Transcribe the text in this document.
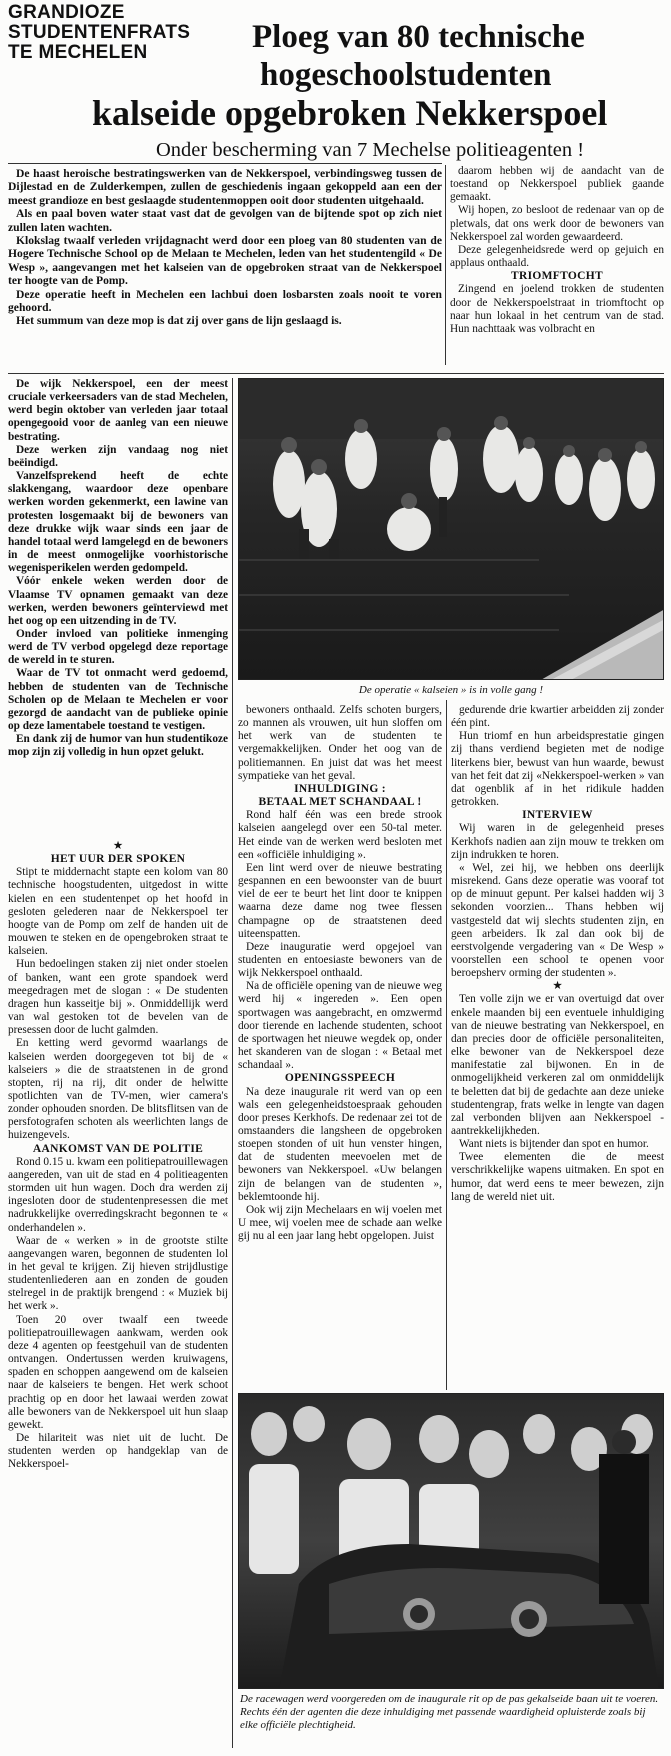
GRANDIOZE
STUDENTENFRATS
TE MECHELEN	Ploeg van 80 technische
hogeschoolstudenten
kalseide opgebroken Nekkerspoel
Onder bescherming van 7 Mechelse politieagenten !

De haast heroische bestratingswerken van de Nekkerspoel, verbindingsweg tussen de Dijlestad en de Zulderkempen, zullen de geschiedenis ingaan gekoppeld aan een der meest grandioze en best geslaagde studentenmoppen ooit door studenten uitgehaald.

Als en paal boven water staat vast dat de gevolgen van de bijtende spot op zich niet zullen laten wachten.

Klokslag twaalf verleden vrijdagnacht werd door een ploeg van 80 studenten van de Hogere Technische School op de Melaan te Mechelen, leden van het studentengild « De Wesp », aangevangen met het kalseien van de opgebroken straat van de Nekkerspoel ter hoogte van de Pomp.

Deze operatie heeft in Mechelen een lachbui doen losbarsten zoals nooit te voren gehoord.

Het summum van deze mop is dat zij over gans de lijn geslaagd is.

daarom hebben wij de aandacht van de toestand op Nekkerspoel publiek gaande gemaakt.

Wij hopen, zo besloot de redenaar van op de pletwals, dat ons werk door de bewoners van Nekkerspoel zal worden gewaardeerd.

Deze gelegenheidsrede werd op gejuich en applaus onthaald.

TRIOMFTOCHT

Zingend en joelend trokken de studenten door de Nekkerspoelstraat in triomftocht op naar hun lokaal in het centrum van de stad. Hun nachttaak was volbracht en

De wijk Nekkerspoel, een der meest cruciale verkeersaders van de stad Mechelen, werd begin oktober van verleden jaar totaal opengegooid voor de aanleg van een nieuwe bestrating.

Deze werken zijn vandaag nog niet beëindigd.

Vanzelfsprekend heeft de echte slakkengang, waardoor deze openbare werken worden gekenmerkt, een lawine van protesten losgemaakt bij de bewoners van deze drukke wijk waar sinds een jaar de handel totaal werd lamgelegd en de bewoners in de meest onmogelijke voorhistorische wegenisperikelen werden gedompeld.

Vóór enkele weken werden door de Vlaamse TV opnamen gemaakt van deze werken, werden bewoners geïnterviewd met het oog op een uitzending in de TV.

Onder invloed van politieke inmenging werd de TV verbod opgelegd deze reportage de wereld in te sturen.

Waar de TV tot onmacht werd gedoemd, hebben de studenten van de Technische Scholen op de Melaan te Mechelen er voor gezorgd de aandacht van de publieke opinie op deze lamentabele toestand te vestigen.

En dank zij de humor van hun studentikoze mop zijn zij volledig in hun opzet gelukt.

★

HET UUR DER SPOKEN

Stipt te middernacht stapte een kolom van 80 technische hoogstudenten, uitgedost in witte kielen en een studentenpet op het hoofd in gesloten gelederen naar de Nekkerspoel ter hoogte van de Pomp om zelf de handen uit de mouwen te steken en de opengebroken straat te kalseien.

Hun bedoelingen staken zij niet onder stoelen of banken, want een grote spandoek werd meegedragen met de slogan : « De studenten dragen hun kasseitje bij ». Onmiddellijk werd van wal gestoken tot de bevelen van de presessen door de lucht galmden.

En ketting werd gevormd waarlangs de kalseien werden doorgegeven tot bij de « kalseiers » die de straatstenen in de grond stopten, rij na rij, dit onder de helwitte spotlichten van de TV-men, wier camera's zonder ophouden snorden. De blitsflitsen van de persfotografen schoten als weerlichten langs de huizengevels.

AANKOMST VAN DE POLITIE

Rond 0.15 u. kwam een politiepatrouillewagen aangereden, van uit de stad en 4 politieagenten stormden uit hun wagen. Doch dra werden zij ingesloten door de studentenpresessen die met nadrukkelijke overredingskracht begonnen te « onderhandelen ».

Waar de « werken » in de grootste stilte aangevangen waren, begonnen de studenten lol in het geval te krijgen. Zij hieven strijdlustige studentenliederen aan en zonden de gouden stelregel in de praktijk brengend : « Muziek bij het werk ».

Toen 20 over twaalf een tweede politiepatrouillewagen aankwam, werden ook deze 4 agenten op feestgehuil van de studenten ontvangen. Ondertussen werden kruiwagens, spaden en schoppen aangewend om de kalseien naar de kalseiers te bengen. Het werk schoot prachtig op en door het lawaai werden zowat alle bewoners van de Nekkerspoel uit hun slaap gewekt.

De hilariteit was niet uit de lucht. De studenten werden op handgeklap van de Nekkerspoel-

De operatie « kalseien » is in volle gang !

bewoners onthaald. Zelfs schoten burgers, zo mannen als vrouwen, uit hun sloffen om het werk van de studenten te vergemakkelijken. Onder het oog van de politiemannen. En juist dat was het meest sympatieke van het geval.

INHULDIGING :

BETAAL MET SCHANDAAL !

Rond half één was een brede strook kalseien aangelegd over een 50-tal meter. Het einde van de werken werd besloten met een «officiële inhuldiging ».

Een lint werd over de nieuwe bestrating gespannen en een bewoonster van de buurt viel de eer te beurt het lint door te knippen waarna deze dame nog twee flessen champagne op de straatstenen deed uiteenspatten.

Deze inauguratie werd opgejoel van studenten en entoesiaste bewoners van de wijk Nekkerspoel onthaald.

Na de officiële opening van de nieuwe weg werd hij « ingereden ». Een open sportwagen was aangebracht, en omzwermd door tierende en lachende studenten, schoot de sportwagen het nieuwe wegdek op, onder het skanderen van de slogan : « Betaal met schandaal ».

OPENINGSSPEECH

Na deze inaugurale rit werd van op een wals een gelegenheidstoespraak gehouden door preses Kerkhofs. De redenaar zei tot de omstaanders die langsheen de opgebroken stoepen stonden of uit hun venster hingen, dat de studenten meevoelen met de bewoners van Nekkerspoel. «Uw belangen zijn de belangen van de studenten », beklemtoonde hij.

Ook wij zijn Mechelaars en wij voelen met U mee, wij voelen mee de schade aan welke gij nu al een jaar lang hebt opgelopen. Juist

gedurende drie kwartier arbeidden zij zonder één pint.

Hun triomf en hun arbeidsprestatie gingen zij thans verdiend begieten met de nodige literkens bier, bewust van hun waarde, bewust van het feit dat zij «Nekkerspoel-werken » van dat ogenblik af in het ridikule hadden getrokken.

INTERVIEW

Wij waren in de gelegenheid preses Kerkhofs nadien aan zijn mouw te trekken om zijn indrukken te horen.

« Wel, zei hij, we hebben ons deerlijk misrekend. Gans deze operatie was vooraf tot op de minuut gepunt. Per kalsei hadden wij 3 sekonden voorzien... Thans hebben wij vastgesteld dat wij slechts studenten zijn, en geen arbeiders. Ik zal dan ook bij de eerstvolgende vergadering van « De Wesp » voorstellen een school te openen voor beroepsherv orming der studenten ».

★

Ten volle zijn we er van overtuigd dat over enkele maanden bij een eventuele inhuldiging van de nieuwe bestrating van Nekkerspoel, en dan precies door de officiële personaliteiten, elke bewoner van de Nekkerspoel deze manifestatie zal bijwonen. En in de onmogelijkheid verkeren zal om onmiddelijk te beletten dat bij de gedachte aan deze unieke studentengrap, frats welke in lengte van dagen zal verbonden blijven aan Nekkerspoel - aantrekkelijkheden.

Want niets is bijtender dan spot en humor.

Twee elementen die de meest verschrikkelijke wapens uitmaken. En spot en humor, dat werd eens te meer bewezen, zijn lang de wereld niet uit.

De racewagen werd voorgereden om de inaugurale rit op de pas gekalseide baan uit te voeren.
Rechts één der agenten die deze inhuldiging met passende waardigheid opluisterde zoals bij elke officiële plechtigheid.
